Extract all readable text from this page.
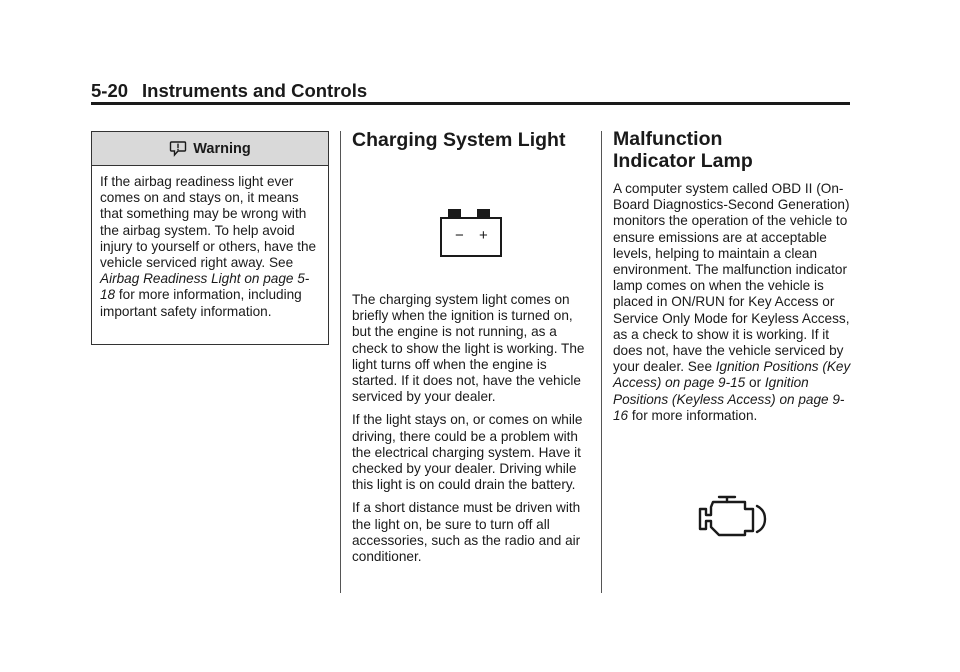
5-20 Instruments and Controls
Warning
If the airbag readiness light ever comes on and stays on, it means that something may be wrong with the airbag system. To help avoid injury to yourself or others, have the vehicle serviced right away. See Airbag Readiness Light on page 5-18 for more information, including important safety information.
Charging System Light
− +

The charging system light comes on briefly when the ignition is turned on, but the engine is not running, as a check to show the light is working. The light turns off when the engine is started. If it does not, have the vehicle serviced by your dealer.

If the light stays on, or comes on while driving, there could be a problem with the electrical charging system. Have it checked by your dealer. Driving while this light is on could drain the battery.

If a short distance must be driven with the light on, be sure to turn off all accessories, such as the radio and air conditioner.

Malfunction
Indicator Lamp

A computer system called OBD II (On-Board Diagnostics-Second Generation) monitors the operation of the vehicle to ensure emissions are at acceptable levels, helping to maintain a clean environment. The malfunction indicator lamp comes on when the vehicle is placed in ON/RUN for Key Access or Service Only Mode for Keyless Access, as a check to show it is working. If it does not, have the vehicle serviced by your dealer. See Ignition Positions (Key Access) on page 9-15 or Ignition Positions (Keyless Access) on page 9-16 for more information.
